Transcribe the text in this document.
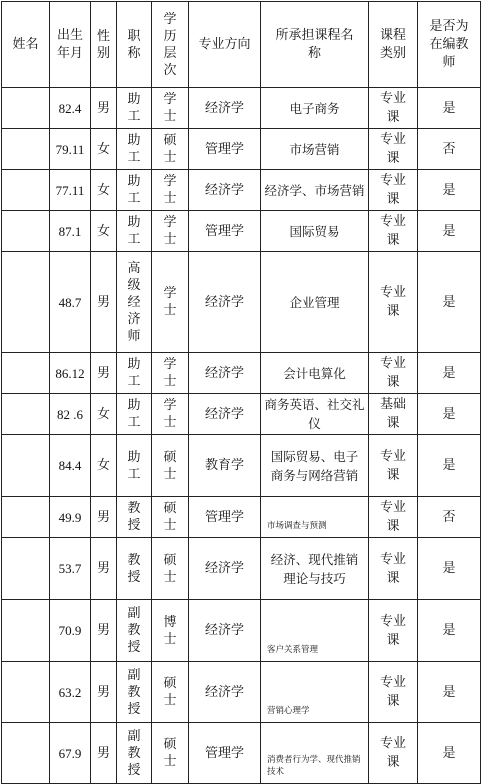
姓名	出生年月	性别	职称	学历层次	专业方向	所承担课程名称	课程类别	是否为在编教师

	82.4	男	助工	学士	经济学	电子商务	专业课	是
	79.11	女	助工	硕士	管理学	市场营销	专业课	否
	77.11	女	助工	学士	经济学	经济学、市场营销	专业课	是
	87.1	女	助工	学士	管理学	国际贸易	专业课	是
	48.7	男	高级经济师	学士	经济学	企业管理	专业课	是
	86.12	男	助工	学士	经济学	会计电算化	专业课	是
	82 .6	女	助工	学士	经济学	商务英语、社交礼仪	基础课	是
	84.4	女	助工	硕士	教育学	国际贸易、电子商务与网络营销	专业课	是
	49.9	男	教授	硕士	管理学	市场调查与预测	专业课	否
	53.7	男	教授	硕士	经济学	经济、现代推销理论与技巧	专业课	是
	70.9	男	副教授	博士	经济学	客户关系管理	专业课	是
	63.2	男	副教授	硕士	经济学	营销心理学	专业课	是
	67.9	男	副教授	硕士	管理学	消费者行为学、现代推销技术	专业课	是
